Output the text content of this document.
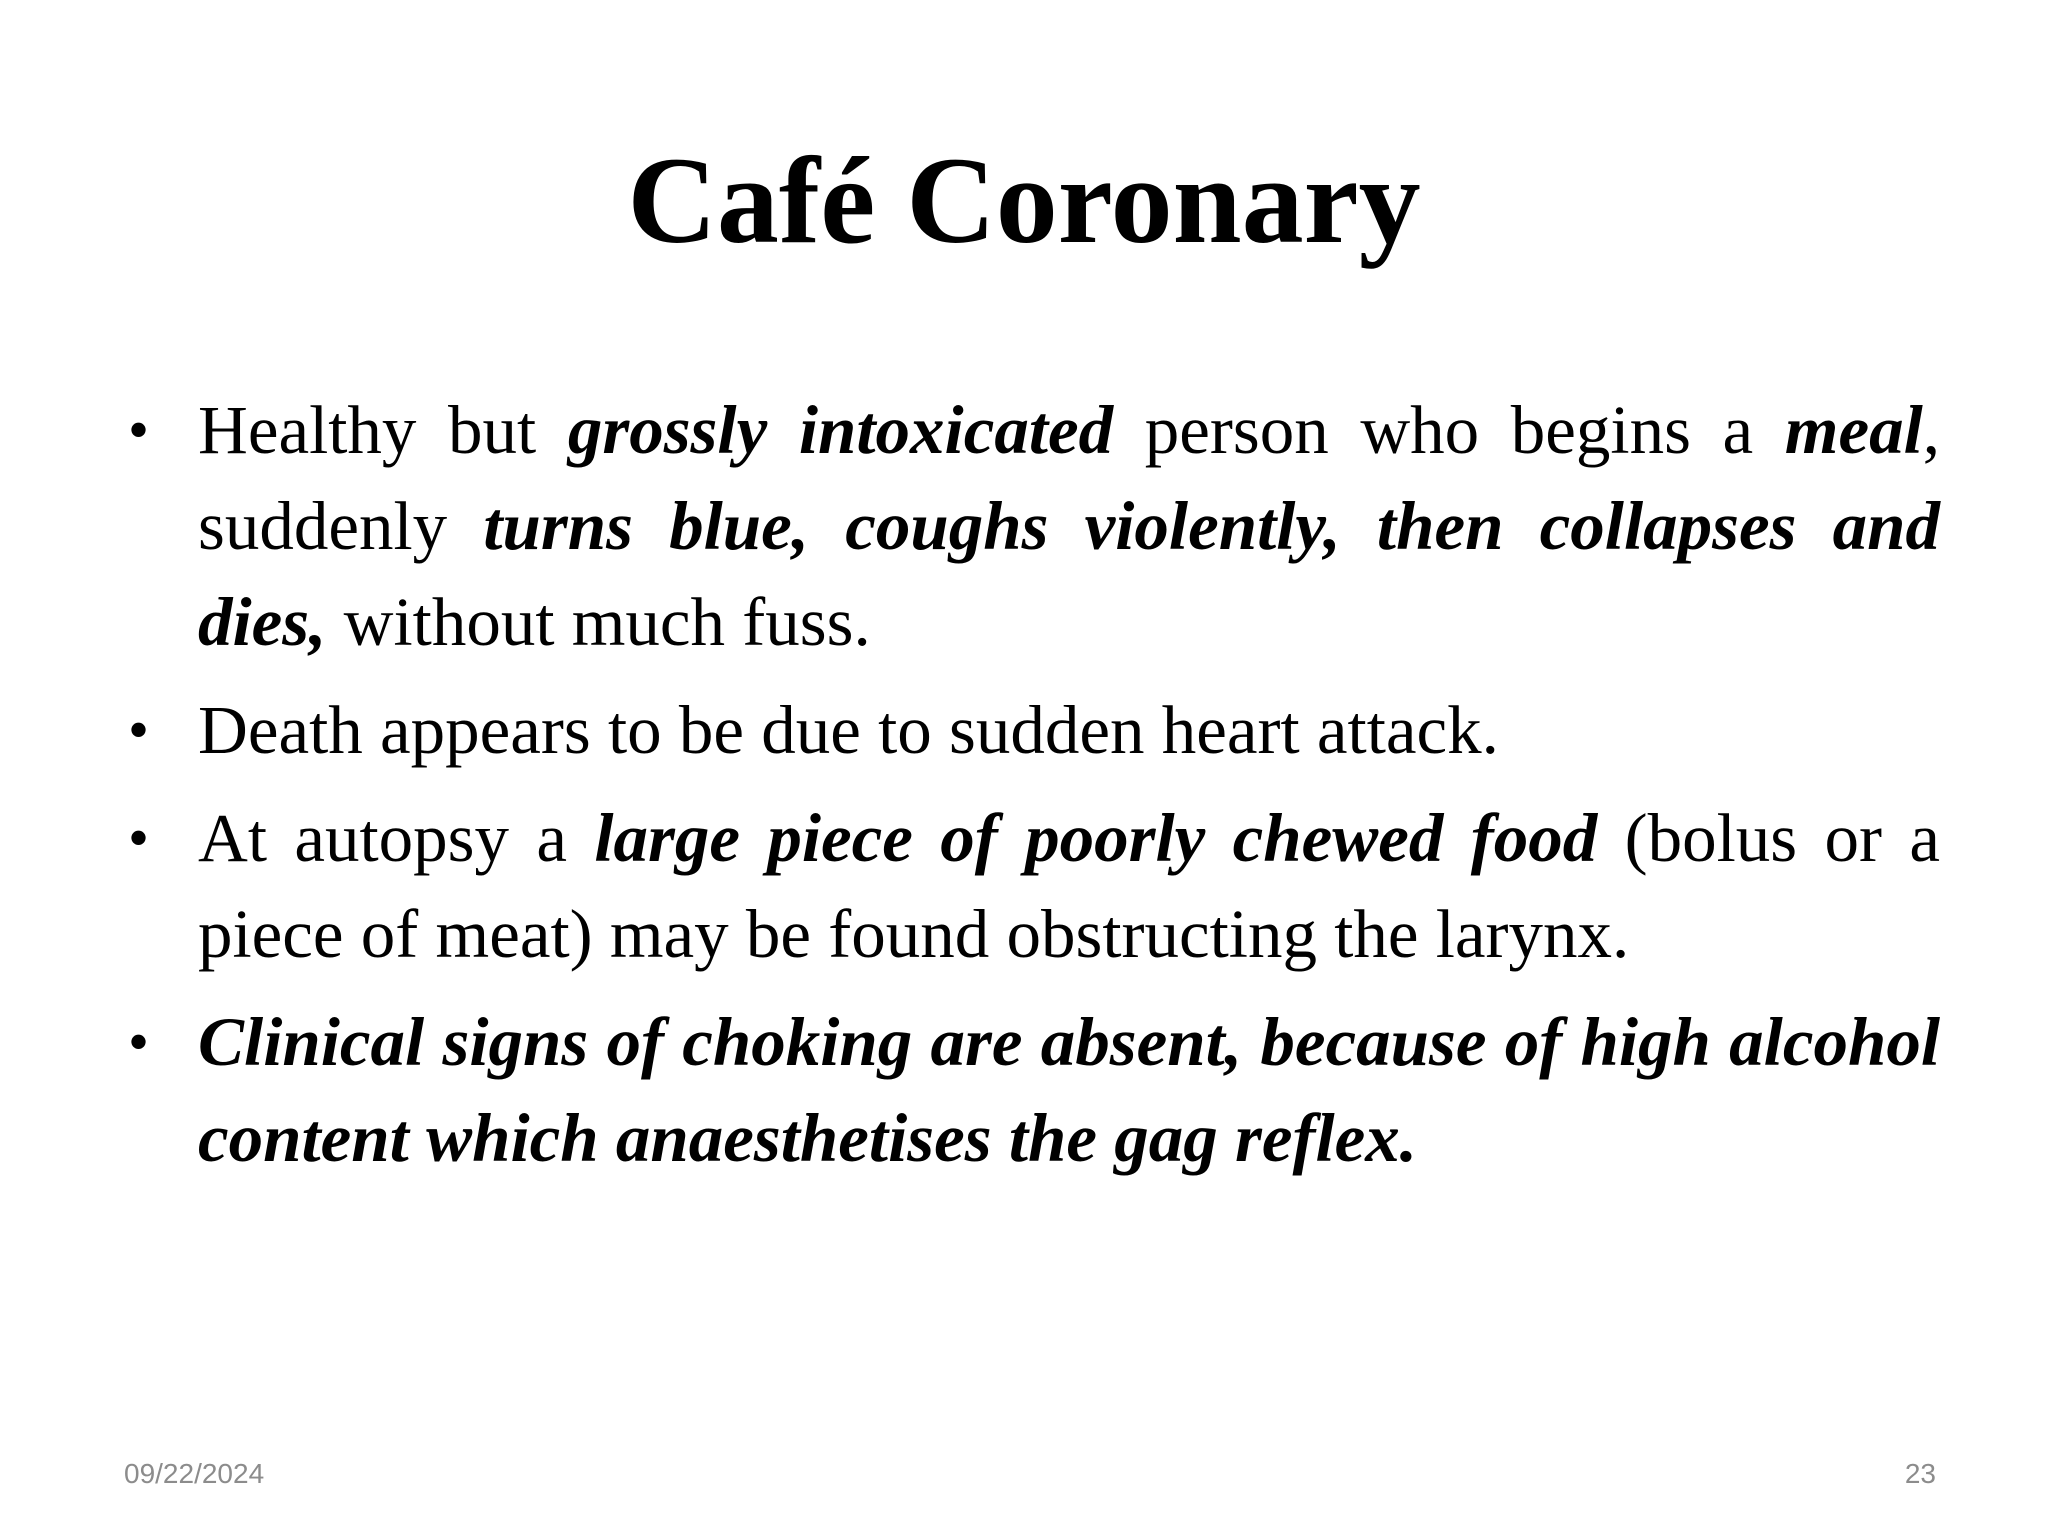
Café Coronary
• Healthy but grossly intoxicated person who begins a meal, suddenly turns blue, coughs violently, then collapses and dies, without much fuss.
• Death appears to be due to sudden heart attack.
• At autopsy a large piece of poorly chewed food (bolus or a piece of meat) may be found obstructing the larynx.
• Clinical signs of choking are absent, because of high alcohol content which anaesthetises the gag reflex.
09/22/2024	23
